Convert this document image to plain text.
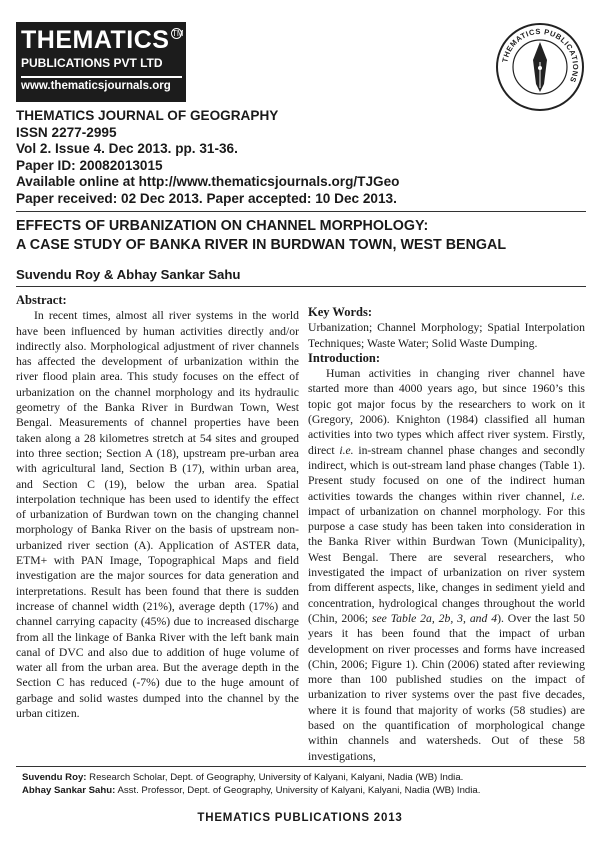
THEMATICS TM
PUBLICATIONS PVT LTD
www.thematicsjournals.org
THEMATICS PUBLICATIONS
THEMATICS JOURNAL OF GEOGRAPHY
ISSN 2277-2995
Vol 2. Issue 4. Dec 2013. pp. 31-36.
Paper ID: 20082013015
Available online at http://www.thematicsjournals.org/TJGeo
Paper received: 02 Dec 2013. Paper accepted: 10 Dec 2013.
EFFECTS OF URBANIZATION ON CHANNEL MORPHOLOGY:
A CASE STUDY OF BANKA RIVER IN BURDWAN TOWN, WEST BENGAL
Suvendu Roy & Abhay Sankar Sahu

Abstract:

In recent times, almost all river systems in the world have been influenced by human activities directly and/or indirectly also. Morphological adjustment of river channels has affected the development of urbanization within the river flood plain area. This study focuses on the effect of urbanization on the channel morphology and its hydraulic geometry of the Banka River in Burdwan Town, West Bengal. Measurements of channel properties have been taken along a 28 kilometres stretch at 54 sites and grouped into three section; Section A (18), upstream pre-urban area with agricultural land, Section B (17), within urban area, and Section C (19), below the urban area. Spatial interpolation technique has been used to identify the effect of urbanization of Burdwan town on the changing channel morphology of Banka River on the basis of upstream non-urbanized river section (A). Application of ASTER data, ETM+ with PAN Image, Topographical Maps and field investigation are the major sources for data generation and interpretations. Result has been found that there is sudden increase of channel width (21%), average depth (17%) and channel carrying capacity (45%) due to increased discharge from all the linkage of Banka River with the left bank main canal of DVC and also due to addition of huge volume of water all from the urban area. But the average depth in the Section C has reduced (-7%) due to the huge amount of garbage and solid wastes dumped into the channel by the urban citizen.

Key Words:

Urbanization; Channel Morphology; Spatial Interpolation Techniques; Waste Water; Solid Waste Dumping.

Introduction:

Human activities in changing river channel have started more than 4000 years ago, but since 1960’s this topic got major focus by the researchers to work on it (Gregory, 2006). Knighton (1984) classified all human activities into two types which affect river system. Firstly, direct i.e. in-stream channel phase changes and secondly indirect, which is out-stream land phase changes (Table 1). Present study focused on one of the indirect human activities towards the changes within river channel, i.e. impact of urbanization on channel morphology. For this purpose a case study has been taken into consideration in the Banka River within Burdwan Town (Municipality), West Bengal. There are several researchers, who investigated the impact of urbanization on river system from different aspects, like, changes in sediment yield and concentration, hydrological changes throughout the world (Chin, 2006; see Table 2a, 2b, 3, and 4). Over the last 50 years it has been found that the impact of urban development on river processes and forms have increased (Chin, 2006; Figure 1). Chin (2006) stated after reviewing more than 100 published studies on the impact of urbanization to river systems over the past five decades, where it is found that majority of works (58 studies) are based on the quantification of morphological change within channels and watersheds. Out of these 58 investigations,

Suvendu Roy: Research Scholar, Dept. of Geography, University of Kalyani, Kalyani, Nadia (WB) India.
Abhay Sankar Sahu: Asst. Professor, Dept. of Geography, University of Kalyani, Kalyani, Nadia (WB) India.
THEMATICS PUBLICATIONS 2013
